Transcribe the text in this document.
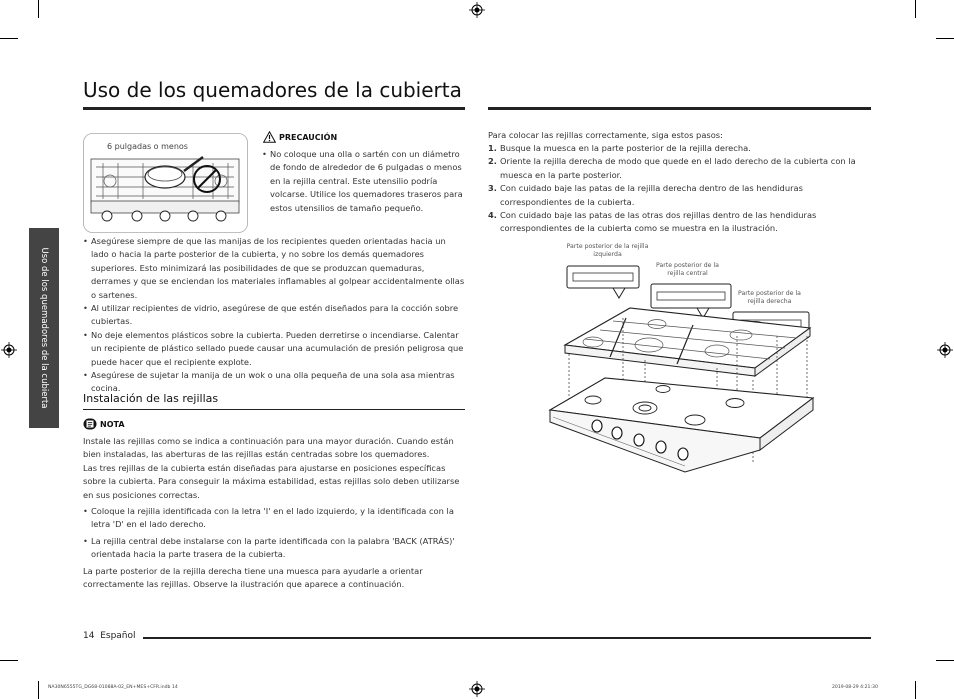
Uso de los quemadores de la cubierta
Uso de los quemadores de la cubierta
6 pulgadas o menos
PRECAUCIÓN
• No coloque una olla o sartén con un diámetro de fondo de alrededor de 6 pulgadas o menos en la rejilla central. Este utensilio podría volcarse. Utilice los quemadores traseros para estos utensilios de tamaño pequeño.
• Asegúrese siempre de que las manijas de los recipientes queden orientadas hacia un lado o hacia la parte posterior de la cubierta, y no sobre los demás quemadores superiores. Esto minimizará las posibilidades de que se produzcan quemaduras, derrames y que se enciendan los materiales inflamables al golpear accidentalmente ollas o sartenes.
• Al utilizar recipientes de vidrio, asegúrese de que estén diseñados para la cocción sobre cubiertas.
• No deje elementos plásticos sobre la cubierta. Pueden derretirse o incendiarse. Calentar un recipiente de plástico sellado puede causar una acumulación de presión peligrosa que puede hacer que el recipiente explote.
• Asegúrese de sujetar la manija de un wok o una olla pequeña de una sola asa mientras cocina.
Instalación de las rejillas
NOTA
Instale las rejillas como se indica a continuación para una mayor duración. Cuando están bien instaladas, las aberturas de las rejillas están centradas sobre los quemadores.
Las tres rejillas de la cubierta están diseñadas para ajustarse en posiciones específicas sobre la cubierta. Para conseguir la máxima estabilidad, estas rejillas solo deben utilizarse en sus posiciones correctas.
• Coloque la rejilla identificada con la letra 'I' en el lado izquierdo, y la identificada con la letra 'D' en el lado derecho.
• La rejilla central debe instalarse con la parte identificada con la palabra 'BACK (ATRÁS)' orientada hacia la parte trasera de la cubierta.
La parte posterior de la rejilla derecha tiene una muesca para ayudarle a orientar correctamente las rejillas. Observe la ilustración que aparece a continuación.
Para colocar las rejillas correctamente, siga estos pasos:
1. Busque la muesca en la parte posterior de la rejilla derecha.
2. Oriente la rejilla derecha de modo que quede en el lado derecho de la cubierta con la muesca en la parte posterior.
3. Con cuidado baje las patas de la rejilla derecha dentro de las hendiduras correspondientes de la cubierta.
4. Con cuidado baje las patas de las otras dos rejillas dentro de las hendiduras correspondientes de la cubierta como se muestra en la ilustración.
Parte posterior de la rejilla izquierda
Parte posterior de la rejilla central
Parte posterior de la rejilla derecha
14 Español
NA30N6555TG_DG68-01088A-02_EN+MES+CFR.indb 14	2019-08-29 4:21:30
